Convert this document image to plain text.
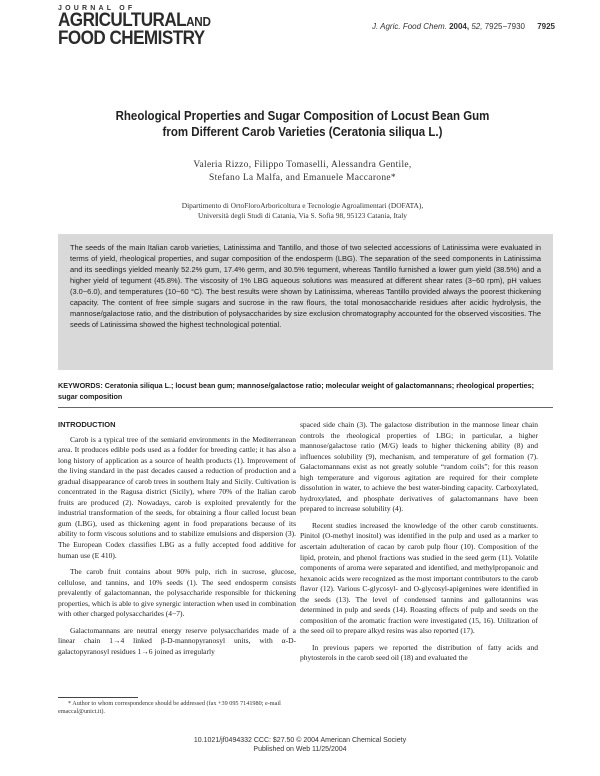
JOURNAL OF
AGRICULTURALAND
FOOD CHEMISTRY
J. Agric. Food Chem. 2004, 52, 7925−7930 7925
Rheological Properties and Sugar Composition of Locust Bean Gum from Different Carob Varieties (Ceratonia siliqua L.)
Valeria Rizzo, Filippo Tomaselli, Alessandra Gentile,
Stefano La Malfa, and Emanuele Maccarone*
Dipartimento di OrtoFloroArboricoltura e Tecnologie Agroalimentari (DOFATA),
Università degli Studi di Catania, Via S. Sofia 98, 95123 Catania, Italy
The seeds of the main Italian carob varieties, Latinissima and Tantillo, and those of two selected accessions of Latinissima were evaluated in terms of yield, rheological properties, and sugar composition of the endosperm (LBG). The separation of the seed components in Latinissima and its seedlings yielded meanly 52.2% gum, 17.4% germ, and 30.5% tegument, whereas Tantillo furnished a lower gum yield (38.5%) and a higher yield of tegument (45.8%). The viscosity of 1% LBG aqueous solutions was measured at different shear rates (3−60 rpm), pH values (3.0−6.0), and temperatures (10−60 °C). The best results were shown by Latinissima, whereas Tantillo provided always the poorest thickening capacity. The content of free simple sugars and sucrose in the raw flours, the total monosaccharide residues after acidic hydrolysis, the mannose/galactose ratio, and the distribution of polysaccharides by size exclusion chromatography accounted for the observed viscosities. The seeds of Latinissima showed the highest technological potential.
KEYWORDS: Ceratonia siliqua L.; locust bean gum; mannose/galactose ratio; molecular weight of galactomannans; rheological properties; sugar composition
INTRODUCTION

Carob is a typical tree of the semiarid environments in the Mediterranean area. It produces edible pods used as a fodder for breeding cattle; it has also a long history of application as a source of health products (1). Improvement of the living standard in the past decades caused a reduction of production and a gradual disappearance of carob trees in southern Italy and Sicily. Cultivation is concentrated in the Ragusa district (Sicily), where 70% of the Italian carob fruits are produced (2). Nowadays, carob is exploited prevalently for the industrial transformation of the seeds, for obtaining a flour called locust bean gum (LBG), used as thickening agent in food preparations because of its ability to form viscous solutions and to stabilize emulsions and dispersion (3). The European Codex classifies LBG as a fully accepted food additive for human use (E 410).

The carob fruit contains about 90% pulp, rich in sucrose, glucose, cellulose, and tannins, and 10% seeds (1). The seed endosperm consists prevalently of galactomannan, the polysaccharide responsible for thickening properties, which is able to give synergic interaction when used in combination with other charged polysaccharides (4−7).

Galactomannans are neutral energy reserve polysaccharides made of a linear chain 1→4 linked β-D-mannopyranosyl units, with α-D-galactopyranosyl residues 1→6 joined as irregularly

* Author to whom correspondence should be addressed (fax +39 095 7141980; e-mail emaccal@unict.it).

spaced side chain (3). The galactose distribution in the mannose linear chain controls the rheological properties of LBG; in particular, a higher mannose/galactose ratio (M/G) leads to higher thickening ability (8) and influences solubility (9), mechanism, and temperature of gel formation (7). Galactomannans exist as not greatly soluble “random coils”; for this reason high temperature and vigorous agitation are required for their complete dissolution in water, to achieve the best water-binding capacity. Carboxylated, hydroxylated, and phosphate derivatives of galactomannans have been prepared to increase solubility (4).

Recent studies increased the knowledge of the other carob constituents. Pinitol (O-methyl inositol) was identified in the pulp and used as a marker to ascertain adulteration of cacao by carob pulp flour (10). Composition of the lipid, protein, and phenol fractions was studied in the seed germ (11). Volatile components of aroma were separated and identified, and methylpropanoic and hexanoic acids were recognized as the most important contributors to the carob flavor (12). Various C-glycosyl- and O-glycosyl-apigenines were identified in the seeds (13). The level of condensed tannins and gallotannins was determined in pulp and seeds (14). Roasting effects of pulp and seeds on the composition of the aromatic fraction were investigated (15, 16). Utilization of the seed oil to prepare alkyd resins was also reported (17).

In previous papers we reported the distribution of fatty acids and phytosterols in the carob seed oil (18) and evaluated the

10.1021/jf0494332 CCC: $27.50 © 2004 American Chemical Society
Published on Web 11/25/2004
